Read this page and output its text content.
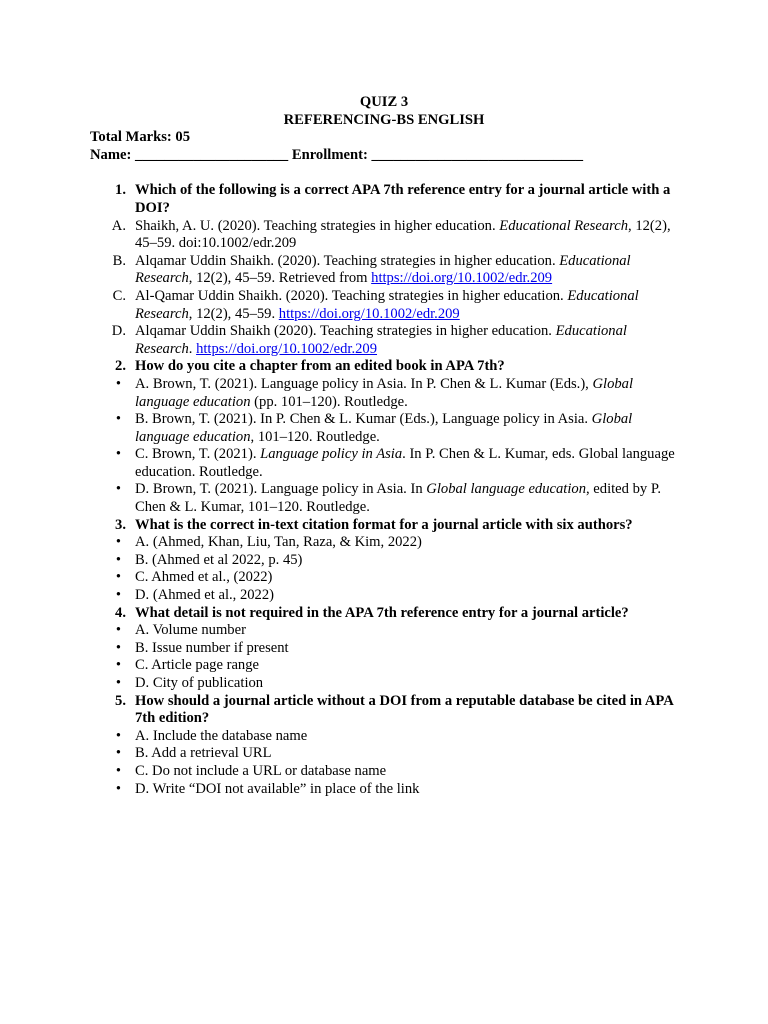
QUIZ 3
REFERENCING-BS ENGLISH
Total Marks: 05
Name: _____________________ Enrollment: _____________________________
1. Which of the following is a correct APA 7th reference entry for a journal article with a DOI?
A. Shaikh, A. U. (2020). Teaching strategies in higher education. Educational Research, 12(2), 45–59. doi:10.1002/edr.209
B. Alqamar Uddin Shaikh. (2020). Teaching strategies in higher education. Educational Research, 12(2), 45–59. Retrieved from https://doi.org/10.1002/edr.209
C. Al-Qamar Uddin Shaikh. (2020). Teaching strategies in higher education. Educational Research, 12(2), 45–59. https://doi.org/10.1002/edr.209
D. Alqamar Uddin Shaikh (2020). Teaching strategies in higher education. Educational Research. https://doi.org/10.1002/edr.209
2. How do you cite a chapter from an edited book in APA 7th?
• A. Brown, T. (2021). Language policy in Asia. In P. Chen & L. Kumar (Eds.), Global language education (pp. 101–120). Routledge.
• B. Brown, T. (2021). In P. Chen & L. Kumar (Eds.), Language policy in Asia. Global language education, 101–120. Routledge.
• C. Brown, T. (2021). Language policy in Asia. In P. Chen & L. Kumar, eds. Global language education. Routledge.
• D. Brown, T. (2021). Language policy in Asia. In Global language education, edited by P. Chen & L. Kumar, 101–120. Routledge.
3. What is the correct in-text citation format for a journal article with six authors?
• A. (Ahmed, Khan, Liu, Tan, Raza, & Kim, 2022)
• B. (Ahmed et al 2022, p. 45)
• C. Ahmed et al., (2022)
• D. (Ahmed et al., 2022)
4. What detail is not required in the APA 7th reference entry for a journal article?
• A. Volume number
• B. Issue number if present
• C. Article page range
• D. City of publication
5. How should a journal article without a DOI from a reputable database be cited in APA 7th edition?
• A. Include the database name
• B. Add a retrieval URL
• C. Do not include a URL or database name
• D. Write “DOI not available” in place of the link
